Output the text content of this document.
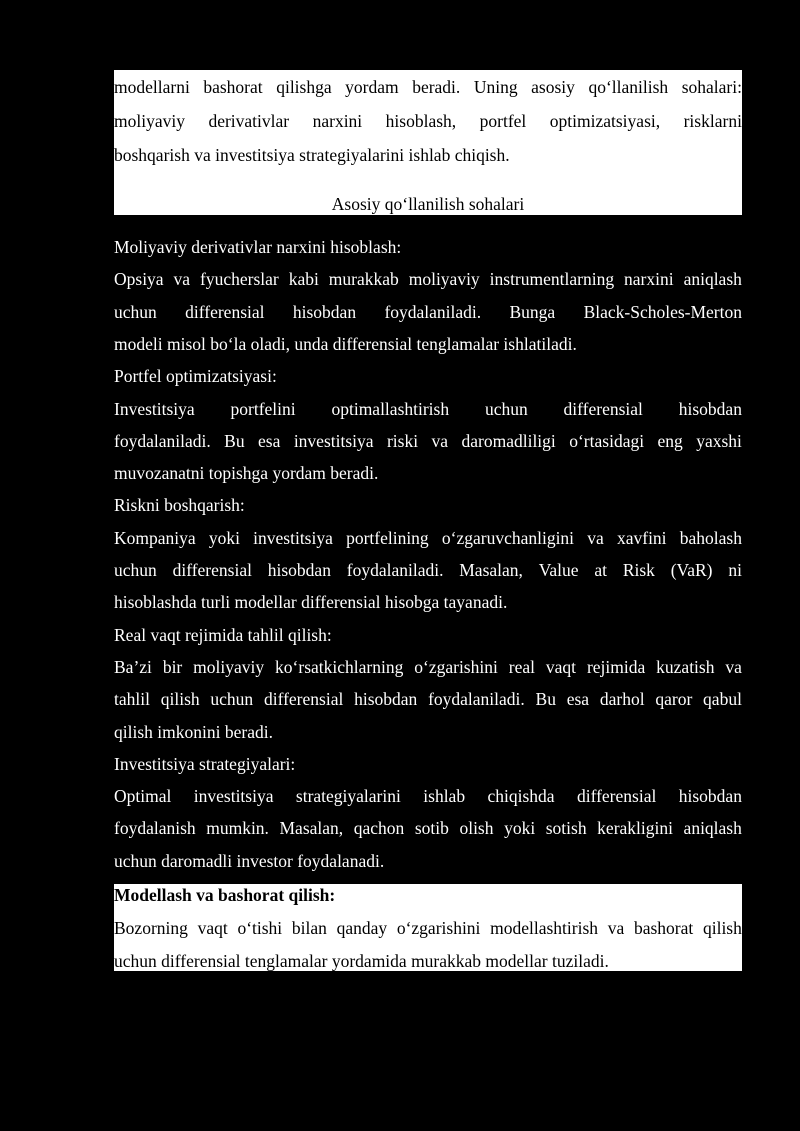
modellarni bashorat qilishga yordam beradi. Uning asosiy qo‘llanilish sohalari:
moliyaviy derivativlar narxini hisoblash, portfel optimizatsiyasi, risklarni
boshqarish va investitsiya strategiyalarini ishlab chiqish.
Asosiy qo‘llanilish sohalari
Moliyaviy derivativlar narxini hisoblash:
Opsiya va fyucherslar kabi murakkab moliyaviy instrumentlarning narxini aniqlash
uchun differensial hisobdan foydalaniladi. Bunga Black-Scholes-Merton
modeli misol bo‘la oladi, unda differensial tenglamalar ishlatiladi.
Portfel optimizatsiyasi:
Investitsiya portfelini optimallashtirish uchun differensial hisobdan
foydalaniladi. Bu esa investitsiya riski va daromadliligi o‘rtasidagi eng yaxshi
muvozanatni topishga yordam beradi.
Riskni boshqarish:
Kompaniya yoki investitsiya portfelining o‘zgaruvchanligini va xavfini baholash
uchun differensial hisobdan foydalaniladi. Masalan, Value at Risk (VaR) ni
hisoblashda turli modellar differensial hisobga tayanadi.
Real vaqt rejimida tahlil qilish:
Ba’zi bir moliyaviy ko‘rsatkichlarning o‘zgarishini real vaqt rejimida kuzatish va
tahlil qilish uchun differensial hisobdan foydalaniladi. Bu esa darhol qaror qabul
qilish imkonini beradi.
Investitsiya strategiyalari:
Optimal investitsiya strategiyalarini ishlab chiqishda differensial hisobdan
foydalanish mumkin. Masalan, qachon sotib olish yoki sotish kerakligini aniqlash
uchun daromadli investor foydalanadi.
Modellash va bashorat qilish:
Bozorning vaqt o‘tishi bilan qanday o‘zgarishini modellashtirish va bashorat qilish
uchun differensial tenglamalar yordamida murakkab modellar tuziladi.
